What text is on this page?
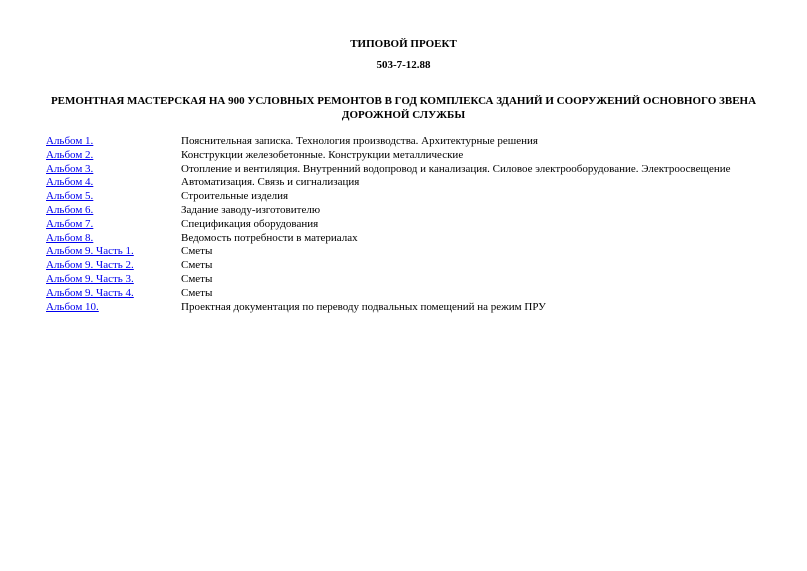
ТИПОВОЙ ПРОЕКТ
503-7-12.88
РЕМОНТНАЯ МАСТЕРСКАЯ НА 900 УСЛОВНЫХ РЕМОНТОВ В ГОД КОМПЛЕКСА ЗДАНИЙ И СООРУЖЕНИЙ ОСНОВНОГО ЗВЕНА ДОРОЖНОЙ СЛУЖБЫ
Альбом 1.	Пояснительная записка. Технология производства. Архитектурные решения
Альбом 2.	Конструкции железобетонные. Конструкции металлические
Альбом 3.	Отопление и вентиляция. Внутренний водопровод и канализация. Силовое электрооборудование. Электроосвещение
Альбом 4.	Автоматизация. Связь и сигнализация
Альбом 5.	Строительные изделия
Альбом 6.	Задание заводу-изготовителю
Альбом 7.	Спецификация оборудования
Альбом 8.	Ведомость потребности в материалах
Альбом 9. Часть 1.	Сметы
Альбом 9. Часть 2.	Сметы
Альбом 9. Часть 3.	Сметы
Альбом 9. Часть 4.	Сметы
Альбом 10.	Проектная документация по переводу подвальных помещений на режим ПРУ
